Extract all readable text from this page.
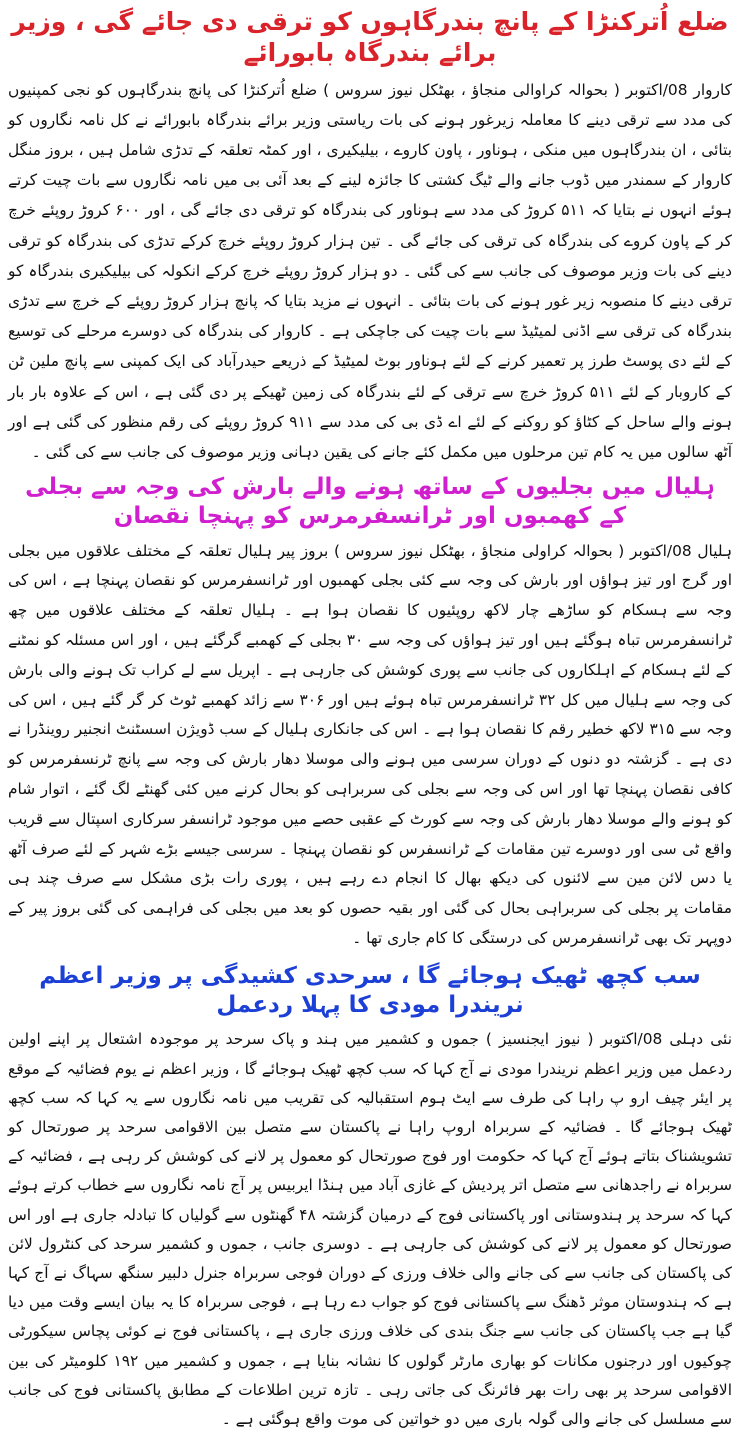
ضلع اُترکنڑا کے پانچ بندرگاہوں کو ترقی دی جائے گی ، وزیر برائے بندرگاہ بابورائے

کاروار 08/اکتوبر ( بحوالہ کراوالی منجاؤ ، بھٹکل نیوز سروس ) ضلع اُترکنڑا کی پانچ بندرگاہوں کو نجی کمپنیوں کی مدد سے ترقی دینے کا معاملہ زیرغور ہونے کی بات ریاستی وزیر برائے بندرگاہ بابورائے نے کل نامہ نگاروں کو بتائی ، ان بندرگاہوں میں منکی ، ہوناور ، پاون کاروے ، بیلیکیری ، اور کمٹہ تعلقہ کے تدڑی شامل ہیں ، بروز منگل کاروار کے سمندر میں ڈوب جانے والے ٹیگ کشتی کا جائزہ لینے کے بعد آئی بی میں نامہ نگاروں سے بات چیت کرتے ہوئے انہوں نے بتایا کہ ۵۱۱ کروڑ کی مدد سے ہوناور کی بندرگاہ کو ترقی دی جائے گی ، اور ۶۰۰ کروڑ روپئے خرچ کر کے پاون کروے کی بندرگاہ کی ترقی کی جائے گی ۔ تین ہزار کروڑ روپئے خرچ کرکے تدڑی کی بندرگاہ کو ترقی دینے کی بات وزیر موصوف کی جانب سے کی گئی ۔ دو ہزار کروڑ روپئے خرچ کرکے انکولہ کی بیلیکیری بندرگاہ کو ترقی دینے کا منصوبہ زیر غور ہونے کی بات بتائی ۔ انہوں نے مزید بتایا کہ پانچ ہزار کروڑ روپئے کے خرچ سے تدڑی بندرگاہ کی ترقی سے اڈنی لمیٹیڈ سے بات چیت کی جاچکی ہے ۔ کاروار کی بندرگاہ کی دوسرے مرحلے کی توسیع کے لئے دی پوسٹ طرز پر تعمیر کرنے کے لئے ہوناور بوٹ لمیٹیڈ کے ذریعے حیدرآباد کی ایک کمپنی سے پانچ ملین ٹن کے کاروبار کے لئے ۵۱۱ کروڑ خرچ سے ترقی کے لئے بندرگاہ کی زمین ٹھیکے پر دی گئی ہے ، اس کے علاوہ بار بار ہونے والے ساحل کے کٹاؤ کو روکنے کے لئے اے ڈی بی کی مدد سے ۹۱۱ کروڑ روپئے کی رقم منظور کی گئی ہے اور آٹھ سالوں میں یہ کام تین مرحلوں میں مکمل کئے جانے کی یقین دہانی وزیر موصوف کی جانب سے کی گئی ۔

ہلیال میں بجلیوں کے ساتھ ہونے والے بارش کی وجہ سے بجلی کے کھمبوں اور ٹرانسفرمرس کو پہنچا نقصان

ہلیال 08/اکتوبر ( بحوالہ کراولی منجاؤ ، بھٹکل نیوز سروس ) بروز پیر ہلیال تعلقہ کے مختلف علاقوں میں بجلی اور گرج اور تیز ہواؤں اور بارش کی وجہ سے کئی بجلی کھمبوں اور ٹرانسفرمرس کو نقصان پہنچا ہے ، اس کی وجہ سے ہسکام کو ساڑھے چار لاکھ روپئیوں کا نقصان ہوا ہے ۔ ہلیال تعلقہ کے مختلف علاقوں میں چھ ٹرانسفرمرس تباہ ہوگئے ہیں اور تیز ہواؤں کی وجہ سے ۳۰ بجلی کے کھمبے گرگئے ہیں ، اور اس مسئلہ کو نمٹنے کے لئے ہسکام کے اہلکاروں کی جانب سے پوری کوشش کی جارہی ہے ۔ اپریل سے لے کراب تک ہونے والی بارش کی وجہ سے ہلیال میں کل ۳۲ ٹرانسفرمرس تباہ ہوئے ہیں اور ۳۰۶ سے زائد کھمبے ٹوٹ کر گر گئے ہیں ، اس کی وجہ سے ۳۱۵ لاکھ خطیر رقم کا نقصان ہوا ہے ۔ اس کی جانکاری ہلیال کے سب ڈویژن اسسٹنٹ انجنیر روینڈرا نے دی ہے ۔ گزشتہ دو دنوں کے دوران سرسی میں ہونے والی موسلا دھار بارش کی وجہ سے پانچ ٹرنسفرمرس کو کافی نقصان پہنچا تھا اور اس کی وجہ سے بجلی کی سربراہی کو بحال کرنے میں کئی گھنٹے لگ گئے ، اتوار شام کو ہونے والے موسلا دھار بارش کی وجہ سے کورٹ کے عقبی حصے میں موجود ٹرانسفر سرکاری اسپتال سے قریب واقع ٹی سی اور دوسرے تین مقامات کے ٹرانسفرس کو نقصان پہنچا ۔ سرسی جیسے بڑے شہر کے لئے صرف آٹھ یا دس لائن مین سے لائنوں کی دیکھ بھال کا انجام دے رہے ہیں ، پوری رات بڑی مشکل سے صرف چند ہی مقامات پر بجلی کی سربراہی بحال کی گئی اور بقیہ حصوں کو بعد میں بجلی کی فراہمی کی گئی بروز پیر کے دوپہر تک بھی ٹرانسفرمرس کی درستگی کا کام جاری تھا ۔

سب کچھ ٹھیک ہوجائے گا ، سرحدی کشیدگی پر وزیر اعظم نریندرا مودی کا پہلا ردعمل

نئی دہلی 08/اکتوبر ( نیوز ایجنسیز ) جموں و کشمیر میں ہند و پاک سرحد پر موجودہ اشتعال پر اپنے اولین ردعمل میں وزیر اعظم نریندرا مودی نے آج کہا کہ سب کچھ ٹھیک ہوجائے گا ، وزیر اعظم نے یوم فضائیہ کے موقع پر ایئر چیف ارو پ راہا کی طرف سے ایٹ ہوم استقبالیہ کی تقریب میں نامہ نگاروں سے یہ کہا کہ سب کچھ ٹھیک ہوجائے گا ۔ فضائیہ کے سربراہ اروپ راہا نے پاکستان سے متصل بین الاقوامی سرحد پر صورتحال کو تشویشناک بتاتے ہوئے آج کہا کہ حکومت اور فوج صورتحال کو معمول پر لانے کی کوشش کر رہی ہے ، فضائیہ کے سربراہ نے راجدھانی سے متصل اتر پردیش کے غازی آباد میں ہنڈا ایربیس پر آج نامہ نگاروں سے خطاب کرتے ہوئے کہا کہ سرحد پر ہندوستانی اور پاکستانی فوج کے درمیان گزشتہ ۴۸ گھنٹوں سے گولیاں کا تبادلہ جاری ہے اور اس صورتحال کو معمول پر لانے کی کوشش کی جارہی ہے ۔ دوسری جانب ، جموں و کشمیر سرحد کی کنٹرول لائن کی پاکستان کی جانب سے کی جانے والی خلاف ورزی کے دوران فوجی سربراہ جنرل دلبیر سنگھ سہاگ نے آج کہا ہے کہ ہندوستان موثر ڈھنگ سے پاکستانی فوج کو جواب دے رہا ہے ، فوجی سربراہ کا یہ بیان ایسے وقت میں دیا گیا ہے جب پاکستان کی جانب سے جنگ بندی کی خلاف ورزی جاری ہے ، پاکستانی فوج نے کوئی پچاس سیکورٹی چوکیوں اور درجنوں مکانات کو بھاری مارٹر گولوں کا نشانہ بنایا ہے ، جموں و کشمیر میں ۱۹۲ کلومیٹر کی بین الاقوامی سرحد پر بھی رات بھر فائرنگ کی جاتی رہی ۔ تازہ ترین اطلاعات کے مطابق پاکستانی فوج کی جانب سے مسلسل کی جانے والی گولہ باری میں دو خواتین کی موت واقع ہوگئی ہے ۔
